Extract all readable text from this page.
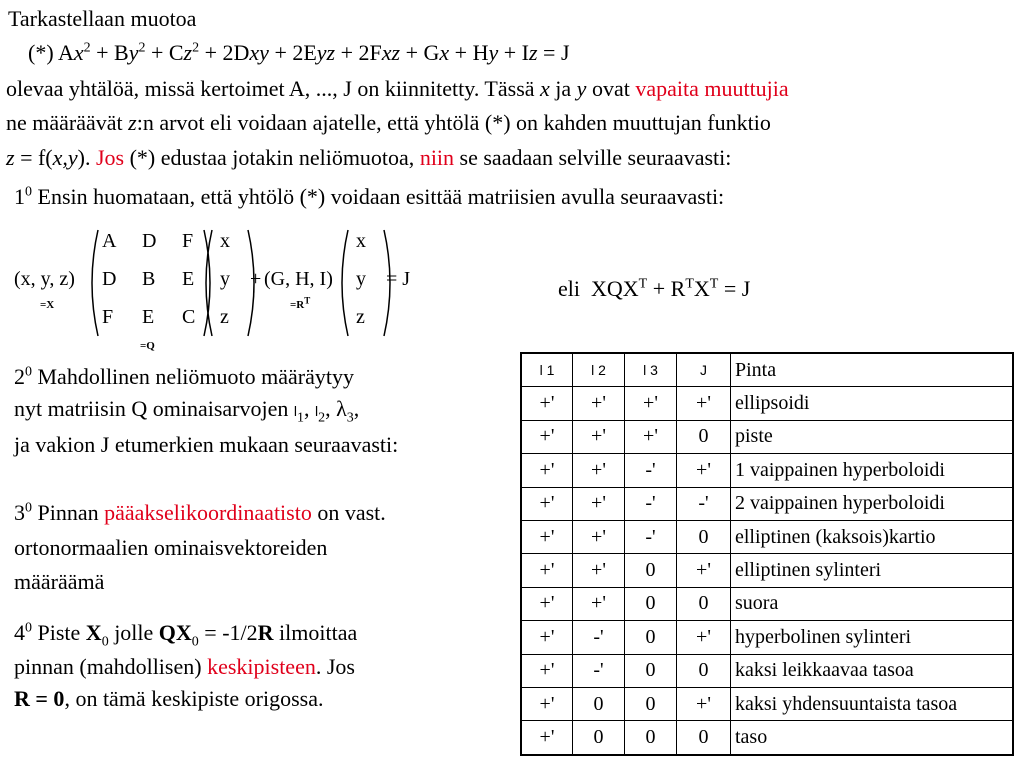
Tarkastellaan muotoa
(*) $Ax^2 + By^2 + Cz^2 + 2Dxy + 2Eyz + 2Fxz + Gx + Hy + Iz = J$
olevaa yhtälöä, missä kertoimet A, ..., J on kiinnitetty. Tässä x ja y ovat vapaita muuttujia
ne määräävät z:n arvot eli voidaan ajatelle, että yhtölä (*) on kahden muuttujan funktio
z = f(x,y). Jos (*) edustaa jotakin neliömuotoa, niin se saadaan selville seuraavasti:
$1^0$ Ensin huomataan, että yhtölö (*) voidaan esittää matriisien avulla seuraavasti:
(x, y, z)
=X
A D F
D B E
F E C
=Q
x
y
z
+ (G, H, I)
$=R^T$
x
y
z
= J	eli $XQX^T + R^TX^T = J$
$2^0$ Mahdollinen neliömuoto määräytyy
nyt matriisin Q ominaisarvojen $l_1$, $l_2$, $\lambda_3$,
ja vakion J etumerkien mukaan seuraavasti:
$3^0$ Pinnan pääakselikoordinaatisto on vast.
ortonormaalien ominaisvektoreiden
määräämä
$4^0$ Piste $X_0$ jolle $QX_0 = -1/2R$ ilmoittaa
pinnan (mahdollisen) keskipisteen. Jos
R = 0, on tämä keskipiste origossa.
l 1	l 2	l 3	J	Pinta
+'	+'	+'	+'	ellipsoidi
+'	+'	+'	0	piste
+'	+'	-'	+'	1 vaippainen hyperboloidi
+'	+'	-'	-'	2 vaippainen hyperboloidi
+'	+'	-'	0	elliptinen (kaksois)kartio
+'	+'	0	+'	elliptinen sylinteri
+'	+'	0	0	suora
+'	-'	0	+'	hyperbolinen sylinteri
+'	-'	0	0	kaksi leikkaavaa tasoa
+'	0	0	+'	kaksi yhdensuuntaista tasoa
+'	0	0	0	taso
